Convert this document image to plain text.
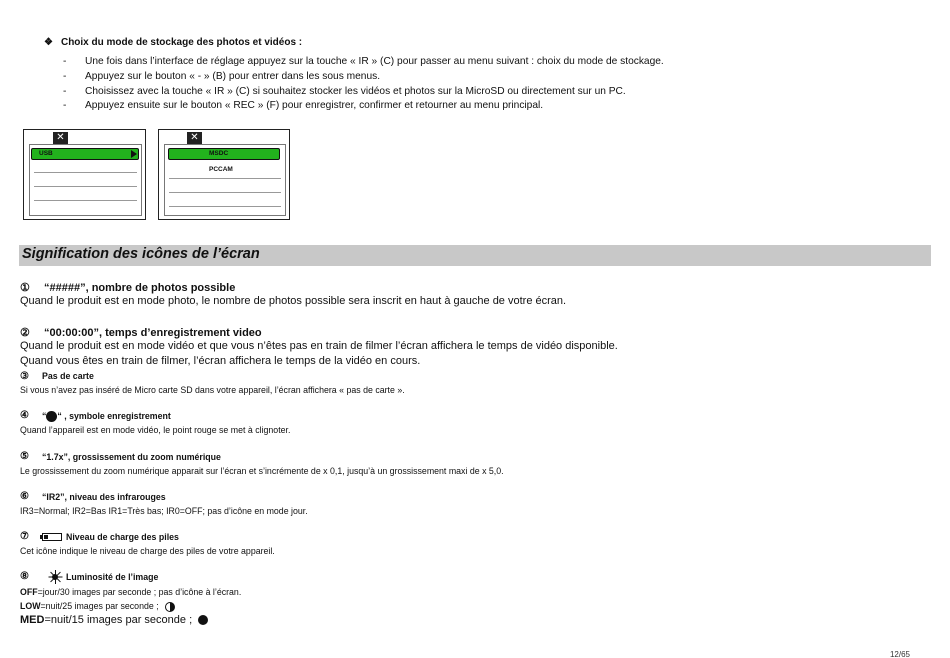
❖ Choix du mode de stockage des photos et vidéos :
-	Une fois dans l’interface de réglage appuyez sur la touche « IR » (C) pour passer au menu suivant : choix du mode de stockage.
-	Appuyez sur le bouton « - » (B) pour entrer dans les sous menus.
-	Choisissez avec la touche « IR » (C) si souhaitez stocker les vidéos et photos sur la MicroSD ou directement sur un PC.
-	Appuyez ensuite sur le bouton « REC » (F) pour enregistrer, confirmer et retourner au menu principal.
✕
USB
✕
MSDC
PCCAM
Signification des icônes de l’écran
①	“#####”, nombre de photos possible
Quand le produit est en mode photo, le nombre de photos possible sera inscrit en haut à gauche de votre écran.
②	“00:00:00”, temps d’enregistrement video
Quand le produit est en mode vidéo et que vous n’êtes pas en train de filmer l’écran affichera le temps de vidéo disponible.
Quand vous êtes en train de filmer, l’écran affichera le temps de la vidéo en cours.
③	Pas de carte
Si vous n’avez pas inséré de Micro carte SD dans votre appareil, l’écran affichera « pas de carte ».
④	“ “ , symbole enregistrement
Quand l’appareil est en mode vidéo, le point rouge se met à clignoter.
⑤	“1.7x”, grossissement du zoom numérique
Le grossissement du zoom numérique apparait sur l’écran et s’incrémente de x 0,1, jusqu’à un grossissement maxi de x 5,0.
⑥	“IR2”, niveau des infrarouges
IR3=Normal; IR2=Bas IR1=Très bas; IR0=OFF; pas d’icône en mode jour.
⑦	Niveau de charge des piles
Cet icône indique le niveau de charge des piles de votre appareil.
⑧	Luminosité de l’image
OFF=jour/30 images par seconde ; pas d’icône à l’écran.
LOW=nuit/25 images par seconde ;
MED=nuit/15 images par seconde ;
12/65
